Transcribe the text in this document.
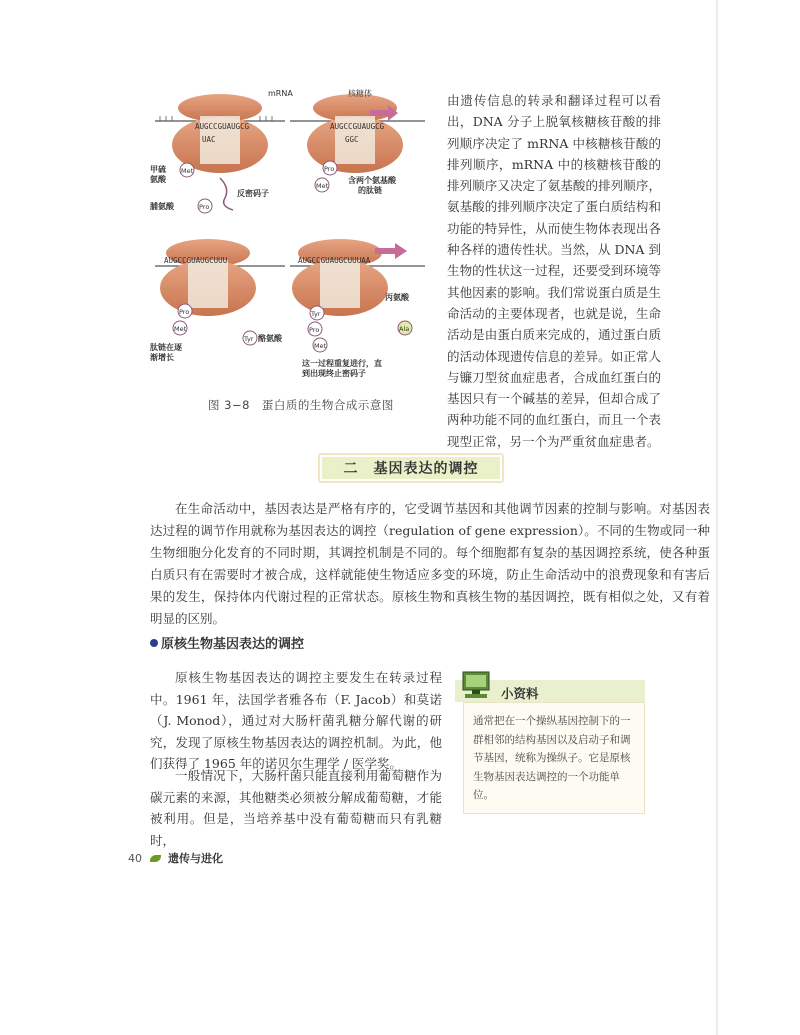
AUGCCGUAUGCG
UAC
Met
Pro
甲硫氨酸
脯氨酸
反密码子
mRNA
AUGCCGUAUGCG
GGC
Pro
Met
含两个氨基酸的肽链
核糖体
AUGCCGUAUGCUUU
Pro
Met
Tyr 酪氨酸
肽链在逐渐增长
AUGCCGUAUGCUUUAA
Tyr
Pro
Met
Ala
丙氨酸
这一过程重复进行，直到出现终止密码子
图 3−8　蛋白质的生物合成示意图
由遗传信息的转录和翻译过程可以看出，DNA 分子上脱氧核糖核苷酸的排列顺序决定了 mRNA 中核糖核苷酸的排列顺序，mRNA 中的核糖核苷酸的排列顺序又决定了氨基酸的排列顺序，氨基酸的排列顺序决定了蛋白质结构和功能的特异性，从而使生物体表现出各种各样的遗传性状。当然，从 DNA 到生物的性状这一过程，还要受到环境等其他因素的影响。我们常说蛋白质是生命活动的主要体现者，也就是说，生命活动是由蛋白质来完成的，通过蛋白质的活动体现遗传信息的差异。如正常人与镰刀型贫血症患者，合成血红蛋白的基因只有一个碱基的差异，但却合成了两种功能不同的血红蛋白，而且一个表现型正常，另一个为严重贫血症患者。
二　基因表达的调控
在生命活动中，基因表达是严格有序的，它受调节基因和其他调节因素的控制与影响。对基因表达过程的调节作用就称为基因表达的调控（regulation of gene expression）。不同的生物或同一种生物细胞分化发育的不同时期，其调控机制是不同的。每个细胞都有复杂的基因调控系统，使各种蛋白质只有在需要时才被合成，这样就能使生物适应多变的环境，防止生命活动中的浪费现象和有害后果的发生，保持体内代谢过程的正常状态。原核生物和真核生物的基因调控，既有相似之处，又有着明显的区别。
原核生物基因表达的调控
原核生物基因表达的调控主要发生在转录过程中。1961 年，法国学者雅各布（F. Jacob）和莫诺（J. Monod），通过对大肠杆菌乳糖分解代谢的研究，发现了原核生物基因表达的调控机制。为此，他们获得了 1965 年的诺贝尔生理学 / 医学奖。
一般情况下，大肠杆菌只能直接利用葡萄糖作为碳元素的来源，其他糖类必须被分解成葡萄糖，才能被利用。但是，当培养基中没有葡萄糖而只有乳糖时，
小资料
通常把在一个操纵基因控制下的一群相邻的结构基因以及启动子和调节基因，统称为操纵子。它是原核生物基因表达调控的一个功能单位。
40 遗传与进化
